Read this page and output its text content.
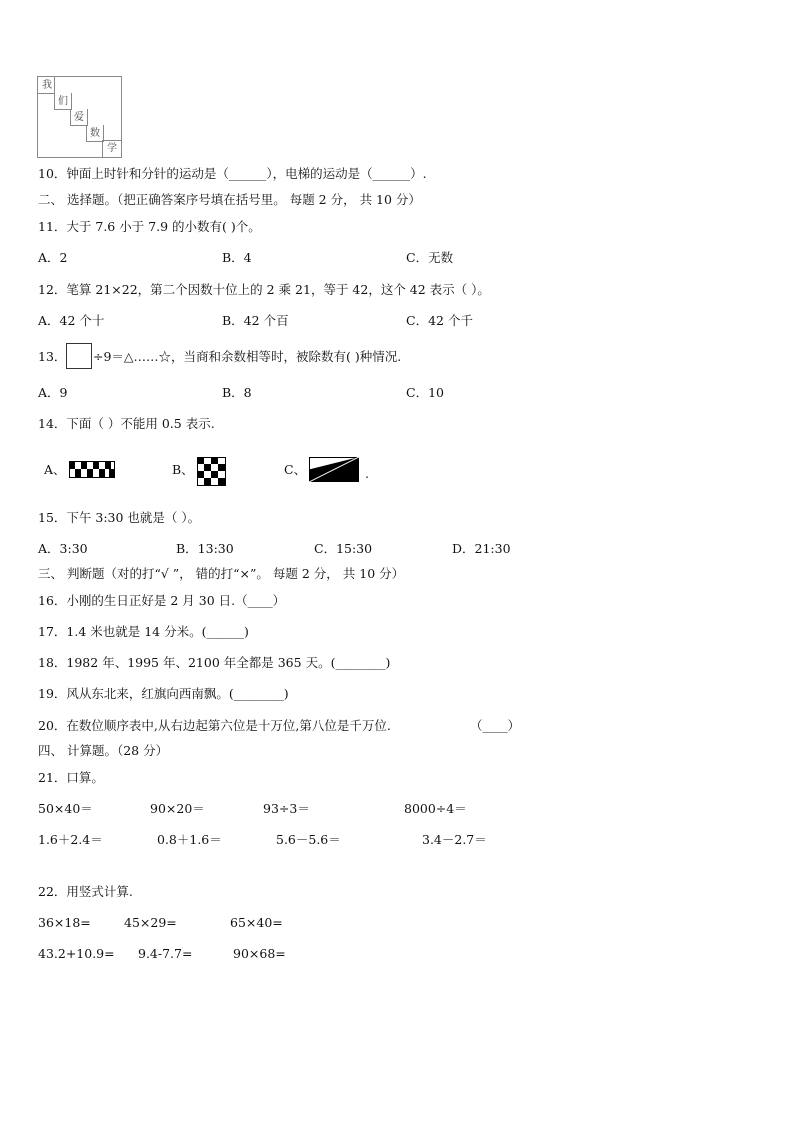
我
们
爱
数
学
10．钟面上时针和分针的运动是（______），电梯的运动是（______）.
二、 选择题。（把正确答案序号填在括号里。 每题 2 分， 共 10 分）
11．大于 7.6 小于 7.9 的小数有( )个。
A．2	B．4	C．无数
12．笔算 21×22，第二个因数十位上的 2 乘 21，等于 42，这个 42 表示（ ）。
A．42 个十	B．42 个百	C．42 个千
13． ÷9＝△……☆，当商和余数相等时，被除数有( )种情况.
A．9	B．8	C．10
14．下面（ ）不能用 0.5 表示.
A、	B、	C、	.
15．下午 3:30 也就是（ ）。
A．3:30	B．13:30	C．15:30	D．21:30
三、 判断题（对的打“√ ”， 错的打“×”。 每题 2 分， 共 10 分）
16．小刚的生日正好是 2 月 30 日.（____）
17．1.4 米也就是 14 分米。(______)
18．1982 年、1995 年、2100 年全都是 365 天。(________)
19．风从东北来，红旗向西南飘。(________)
20．在数位顺序表中,从右边起第六位是十万位,第八位是千万位.	（____）
四、 计算题。（28 分）
21．口算。
50×40＝	90×20＝	93÷3＝	8000÷4＝
1.6＋2.4＝	0.8＋1.6＝	5.6－5.6＝	3.4－2.7＝
22．用竖式计算.
36×18=	45×29=	65×40=
43.2+10.9= 9.4-7.7=	90×68=
